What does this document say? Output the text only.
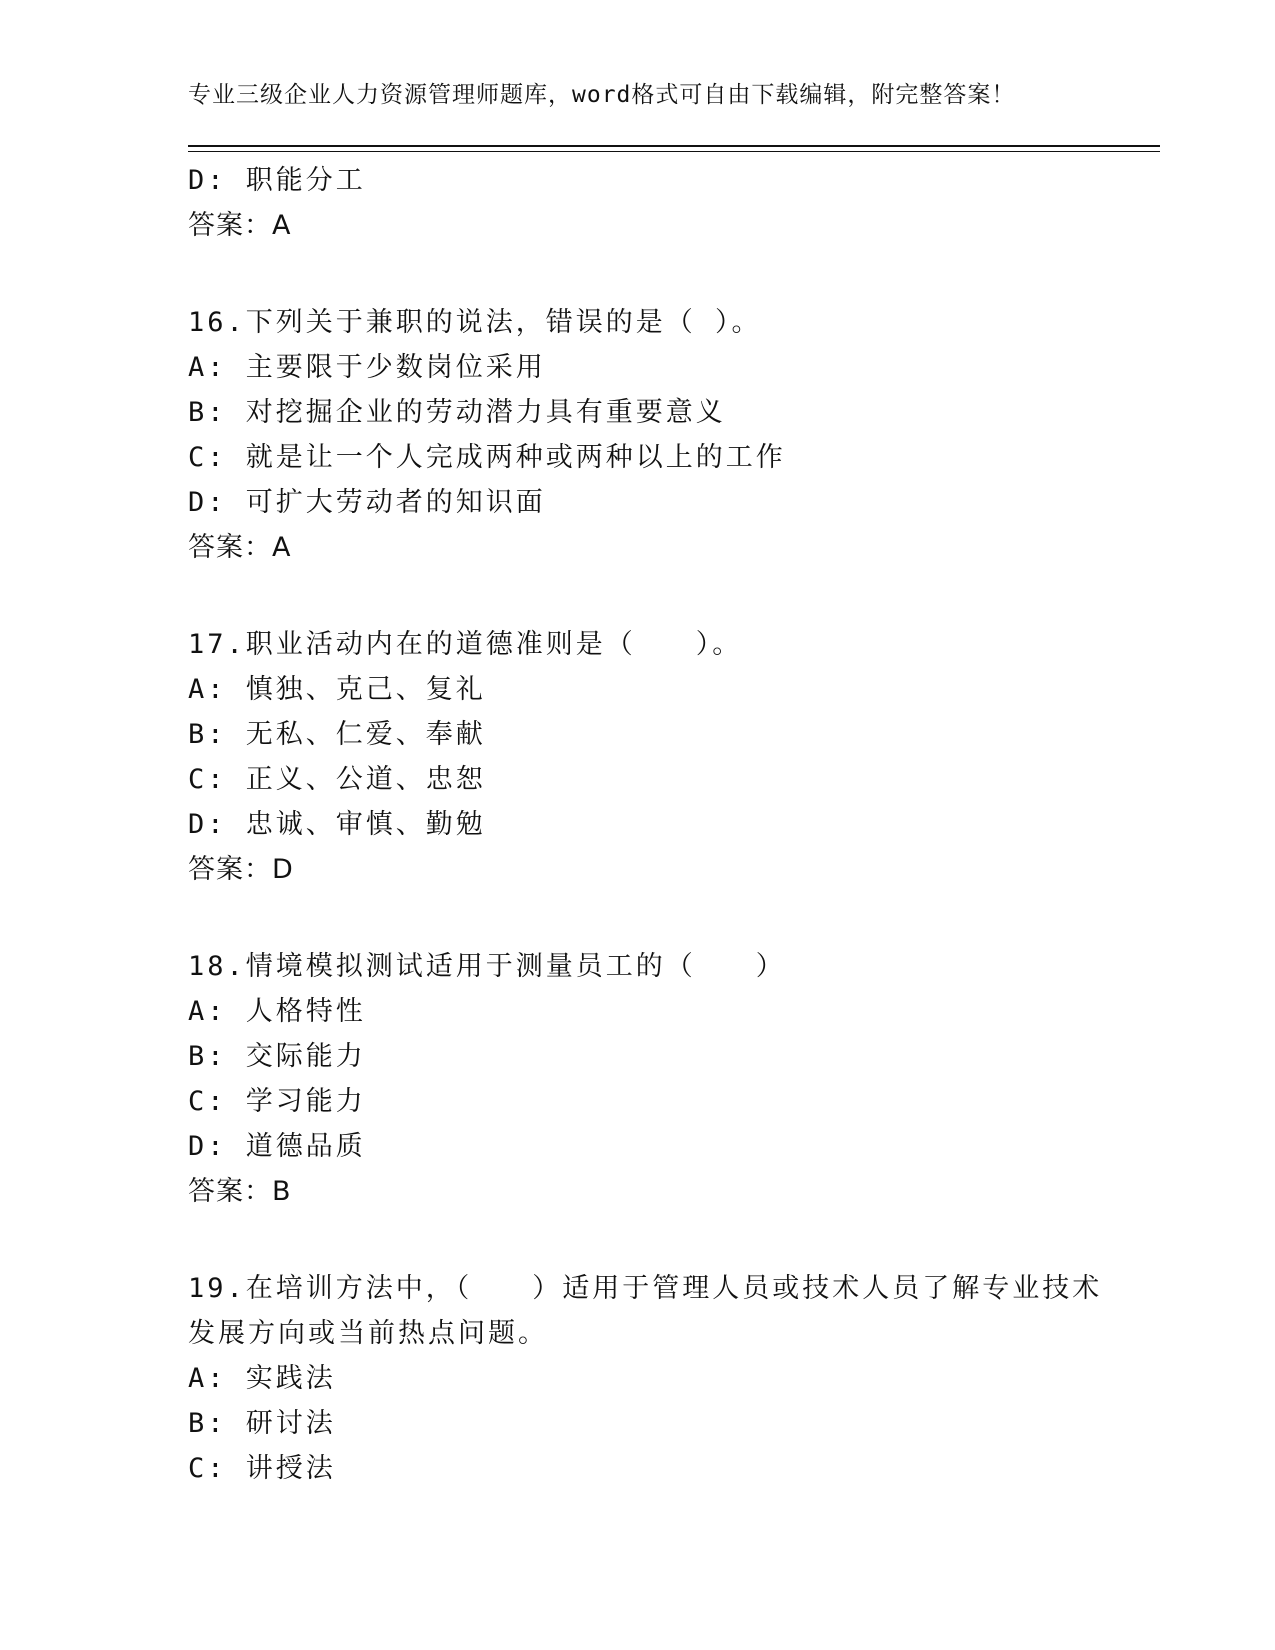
专业三级企业人力资源管理师题库，word格式可自由下载编辑，附完整答案！
D: 职能分工
答案：A
16.下列关于兼职的说法，错误的是（ ）。
A: 主要限于少数岗位采用
B: 对挖掘企业的劳动潜力具有重要意义
C: 就是让一个人完成两种或两种以上的工作
D: 可扩大劳动者的知识面
答案：A
17.职业活动内在的道德准则是（　　）。
A: 慎独、克己、复礼
B: 无私、仁爱、奉献
C: 正义、公道、忠恕
D: 忠诚、审慎、勤勉
答案：D
18.情境模拟测试适用于测量员工的（　　）
A: 人格特性
B: 交际能力
C: 学习能力
D: 道德品质
答案：B
19.在培训方法中，（　　）适用于管理人员或技术人员了解专业技术
发展方向或当前热点问题。
A: 实践法
B: 研讨法
C: 讲授法
